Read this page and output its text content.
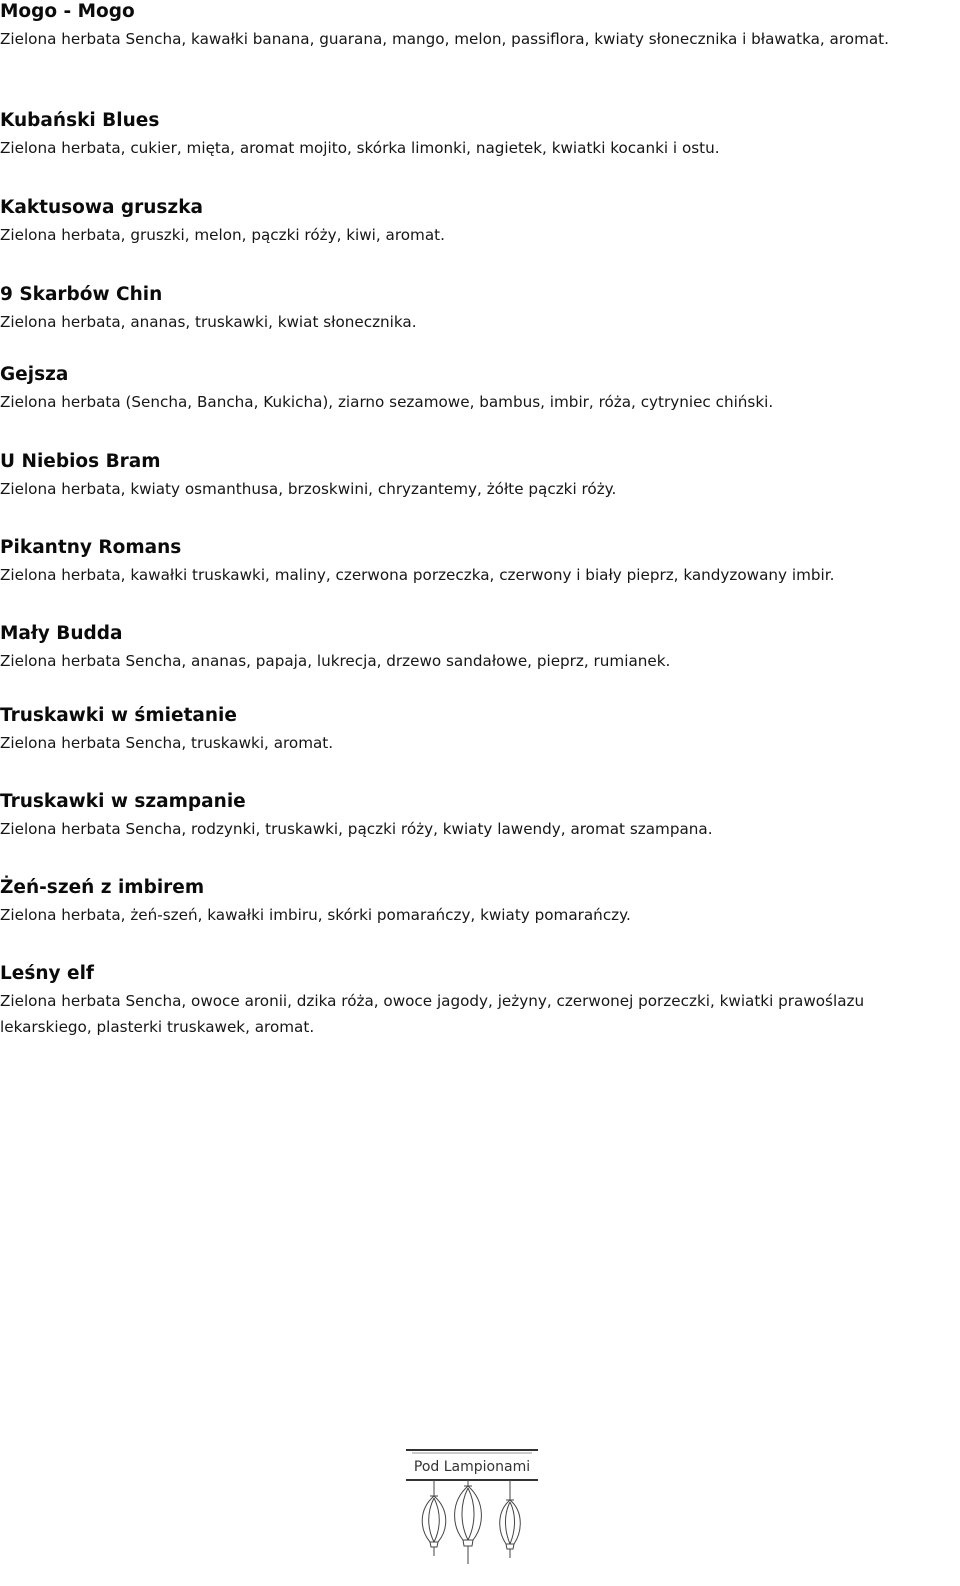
Mogo - Mogo
Zielona herbata Sencha, kawałki banana, guarana, mango, melon, passiflora, kwiaty słonecznika i bławatka, aromat.
Kubański Blues
Zielona herbata, cukier, mięta, aromat mojito, skórka limonki, nagietek, kwiatki kocanki i ostu.
Kaktusowa gruszka
Zielona herbata, gruszki, melon, pączki róży, kiwi, aromat.
9 Skarbów Chin
Zielona herbata, ananas, truskawki, kwiat słonecznika.
Gejsza
Zielona herbata (Sencha, Bancha, Kukicha), ziarno sezamowe, bambus, imbir, róża, cytryniec chiński.
U Niebios Bram
Zielona herbata, kwiaty osmanthusa, brzoskwini, chryzantemy, żółte pączki róży.
Pikantny Romans
Zielona herbata, kawałki truskawki, maliny, czerwona porzeczka, czerwony i biały pieprz, kandyzowany imbir.
Mały Budda
Zielona herbata Sencha, ananas, papaja, lukrecja, drzewo sandałowe, pieprz, rumianek.
Truskawki w śmietanie
Zielona herbata Sencha, truskawki, aromat.
Truskawki w szampanie
Zielona herbata Sencha, rodzynki, truskawki, pączki róży, kwiaty lawendy, aromat szampana.
Żeń-szeń z imbirem
Zielona herbata, żeń-szeń, kawałki imbiru, skórki pomarańczy, kwiaty pomarańczy.
Leśny elf
Zielona herbata Sencha, owoce aronii, dzika róża, owoce jagody, jeżyny, czerwonej porzeczki, kwiatki prawoślazu lekarskiego, plasterki truskawek, aromat.
Pod Lampionami
